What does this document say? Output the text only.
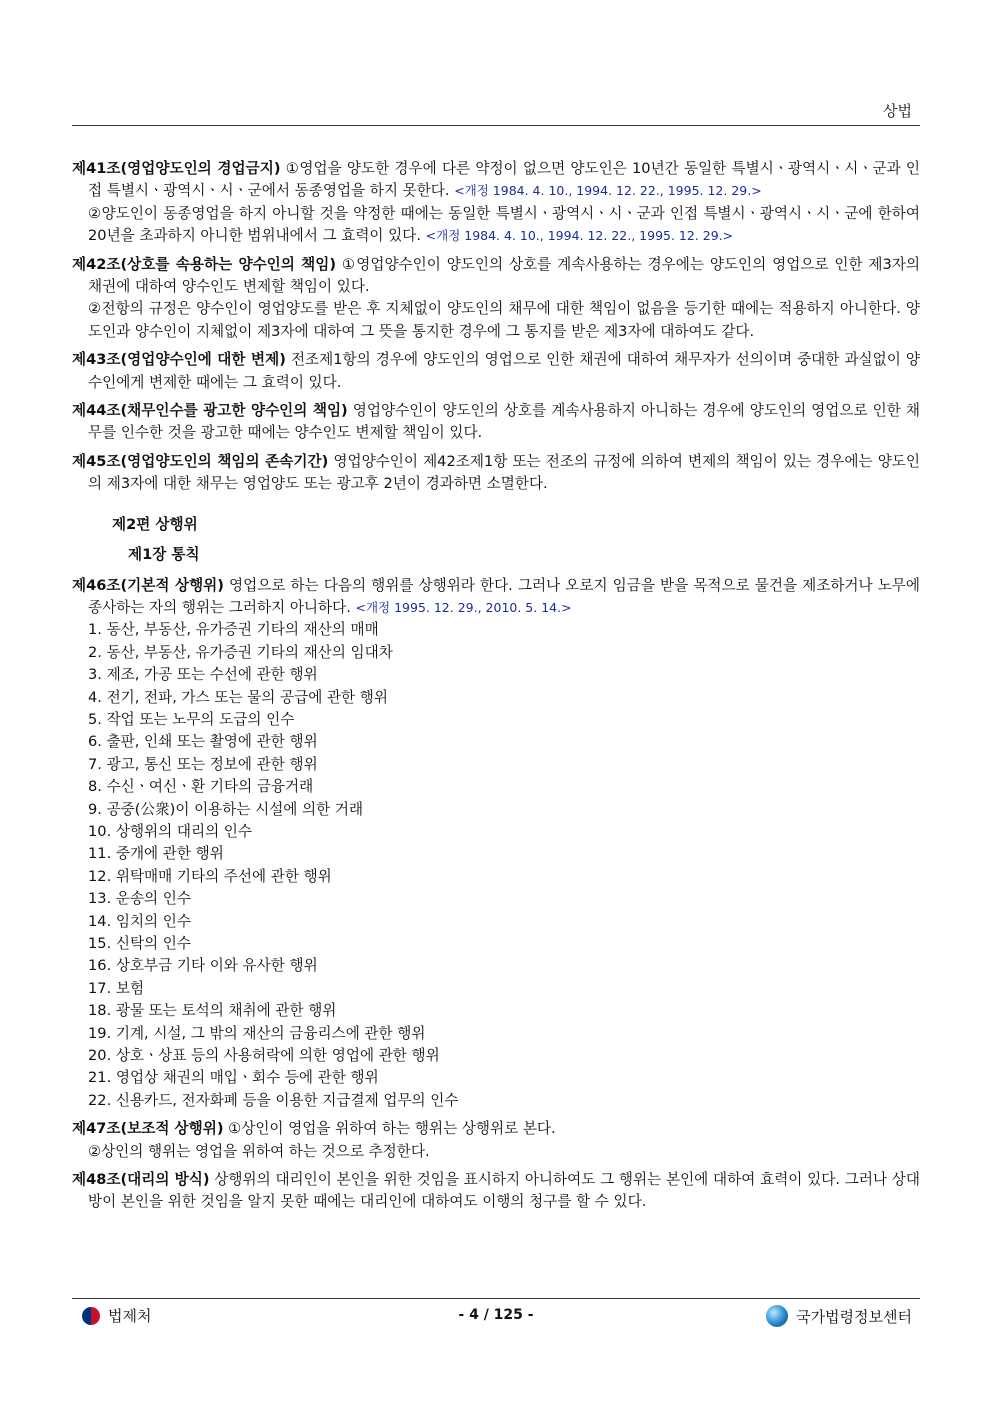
상법
제41조(영업양도인의 경업금지) ①영업을 양도한 경우에 다른 약정이 없으면 양도인은 10년간 동일한 특별시ㆍ광역시ㆍ시ㆍ군과 인접 특별시ㆍ광역시ㆍ시ㆍ군에서 동종영업을 하지 못한다. <개정 1984. 4. 10., 1994. 12. 22., 1995. 12. 29.>
②양도인이 동종영업을 하지 아니할 것을 약정한 때에는 동일한 특별시ㆍ광역시ㆍ시ㆍ군과 인접 특별시ㆍ광역시ㆍ시ㆍ군에 한하여 20년을 초과하지 아니한 범위내에서 그 효력이 있다. <개정 1984. 4. 10., 1994. 12. 22., 1995. 12. 29.>
제42조(상호를 속용하는 양수인의 책임) ①영업양수인이 양도인의 상호를 계속사용하는 경우에는 양도인의 영업으로 인한 제3자의 채권에 대하여 양수인도 변제할 책임이 있다.
②전항의 규정은 양수인이 영업양도를 받은 후 지체없이 양도인의 채무에 대한 책임이 없음을 등기한 때에는 적용하지 아니한다. 양도인과 양수인이 지체없이 제3자에 대하여 그 뜻을 통지한 경우에 그 통지를 받은 제3자에 대하여도 같다.
제43조(영업양수인에 대한 변제) 전조제1항의 경우에 양도인의 영업으로 인한 채권에 대하여 채무자가 선의이며 중대한 과실없이 양수인에게 변제한 때에는 그 효력이 있다.
제44조(채무인수를 광고한 양수인의 책임) 영업양수인이 양도인의 상호를 계속사용하지 아니하는 경우에 양도인의 영업으로 인한 채무를 인수한 것을 광고한 때에는 양수인도 변제할 책임이 있다.
제45조(영업양도인의 책임의 존속기간) 영업양수인이 제42조제1항 또는 전조의 규정에 의하여 변제의 책임이 있는 경우에는 양도인의 제3자에 대한 채무는 영업양도 또는 광고후 2년이 경과하면 소멸한다.
제2편 상행위
제1장 통칙
제46조(기본적 상행위) 영업으로 하는 다음의 행위를 상행위라 한다. 그러나 오로지 임금을 받을 목적으로 물건을 제조하거나 노무에 종사하는 자의 행위는 그러하지 아니하다. <개정 1995. 12. 29., 2010. 5. 14.>
1. 동산, 부동산, 유가증권 기타의 재산의 매매
2. 동산, 부동산, 유가증권 기타의 재산의 임대차
3. 제조, 가공 또는 수선에 관한 행위
4. 전기, 전파, 가스 또는 물의 공급에 관한 행위
5. 작업 또는 노무의 도급의 인수
6. 출판, 인쇄 또는 촬영에 관한 행위
7. 광고, 통신 또는 정보에 관한 행위
8. 수신ㆍ여신ㆍ환 기타의 금융거래
9. 공중(公衆)이 이용하는 시설에 의한 거래
10. 상행위의 대리의 인수
11. 중개에 관한 행위
12. 위탁매매 기타의 주선에 관한 행위
13. 운송의 인수
14. 임치의 인수
15. 신탁의 인수
16. 상호부금 기타 이와 유사한 행위
17. 보험
18. 광물 또는 토석의 채취에 관한 행위
19. 기계, 시설, 그 밖의 재산의 금융리스에 관한 행위
20. 상호ㆍ상표 등의 사용허락에 의한 영업에 관한 행위
21. 영업상 채권의 매입ㆍ회수 등에 관한 행위
22. 신용카드, 전자화폐 등을 이용한 지급결제 업무의 인수
제47조(보조적 상행위) ①상인이 영업을 위하여 하는 행위는 상행위로 본다.
②상인의 행위는 영업을 위하여 하는 것으로 추정한다.
제48조(대리의 방식) 상행위의 대리인이 본인을 위한 것임을 표시하지 아니하여도 그 행위는 본인에 대하여 효력이 있다. 그러나 상대방이 본인을 위한 것임을 알지 못한 때에는 대리인에 대하여도 이행의 청구를 할 수 있다.
법제처	- 4 / 125 -	국가법령정보센터
